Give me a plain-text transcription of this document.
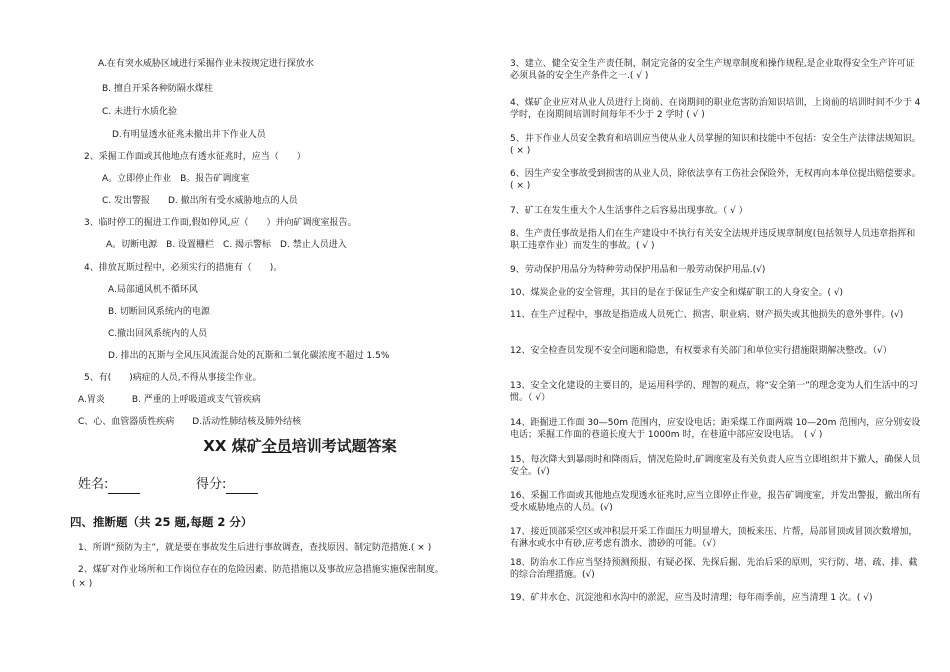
A.在有突水威胁区域进行采掘作业未按规定进行探放水
B. 擅自开采各种防隔水煤柱
C. 未进行水质化验
D.有明显透水征兆未撤出井下作业人员
2、采掘工作面或其他地点有透水征兆时，应当（　　）
A。立即停止作业　B。报告矿调度室
C. 发出警报　　D. 撤出所有受水威胁地点的人员
3、临时停工的掘进工作面,假如停风,应（　　）并向矿调度室报告。
A。切断电源　B. 设置栅栏　C. 揭示警标　D. 禁止人员进入
4、排放瓦斯过程中，必须实行的措施有（　　)。
A.局部通风机不循环风
B. 切断回风系统内的电源
C.撤出回风系统内的人员
D. 排出的瓦斯与全风压风流混合处的瓦斯和二氧化碳浓度不超过 1.5%
5、有(　　)病症的人员,不得从事接尘作业。
A.胃炎　　　B. 严重的上呼吸道或支气管疾病
C、心、血管器质性疾病　　D.活动性肺结核及肺外结核
XX 煤矿全员培训考试题答案
姓名:	得分:
四、推断题（共 25 题,每题 2 分）
1、所谓“预防为主”，就是要在事故发生后进行事故调查，查找原因、制定防范措施.( × )
2、煤矿对作业场所和工作岗位存在的危险因素、防范措施以及事故应急措施实施保密制度。
( × )
3、建立、健全安全生产责任制，制定完备的安全生产规章制度和操作规程,是企业取得安全生产许可证必须具备的安全生产条件之一.( √ )
4、煤矿企业应对从业人员进行上岗前、在岗期间的职业危害防治知识培训，上岗前的培训时间不少于 4 学时，在岗期间培训时间每年不少于 2 学时 ( √ )
5、井下作业人员安全教育和培训应当使从业人员掌握的知识和技能中不包括：安全生产法律法规知识。( × )
6、因生产安全事故受到损害的从业人员，除依法享有工伤社会保险外，无权再向本单位提出赔偿要求。　( × )
7、矿工在发生重大个人生活事件之后容易出现事故。（ √ ）
8、生产责任事故是指人们在生产建设中不执行有关安全法规并违反规章制度(包括领导人员违章指挥和职工违章作业）而发生的事故。( √ )
9、劳动保护用品分为特种劳动保护用品和一般劳动保护用品.(√)
10、煤炭企业的安全管理，其目的是在于保证生产安全和煤矿职工的人身安全。( √)
11、在生产过程中，事故是指造成人员死亡、损害、职业病、财产损失或其他损失的意外事件。(√)
12、安全检查员发现不安全问题和隐患，有权要求有关部门和单位实行措施限期解决整改。（√）
13、安全文化建设的主要目的，是运用科学的、理智的观点，将“安全第一”的理念变为人们生活中的习惯。（ √）
14、距掘进工作面 30—50m 范围内，应安设电话；距采煤工作面两端 10—20m 范围内，应分别安设电话；采掘工作面的巷道长度大于 1000m 时，在巷道中部应安设电话。　( √ )
15、每次降大到暴雨时和降雨后，情况危险时,矿调度室及有关负责人应当立即组织井下撤人，确保人员安全。(√)
16、采掘工作面或其他地点发现透水征兆时,应当立即停止作业，报告矿调度室，并发出警报，撤出所有受水威胁地点的人员。(√)
17、接近顶部采空区或冲积层开采工作面压力明显增大，顶板来压、片帮，局部冒顶或冒顶次数增加，有淋水或水中有砂,应考虑有溃水、溃砂的可能。（√）
18、防治水工作应当坚持预测预报、有疑必探、先探后掘、先治后采的原则，实行防、堵、疏、排、截的综合治理措施。(√)
19、矿井水仓、沉淀池和水沟中的淤泥，应当及时清理；每年雨季前，应当清理 1 次。( √)
